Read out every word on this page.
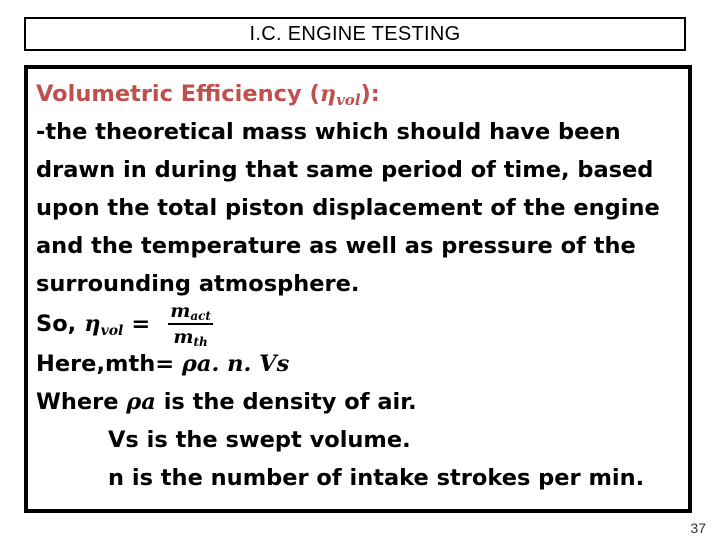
I.C. ENGINE TESTING
Volumetric Efficiency $(\eta_{vol})$:
-the theoretical mass which should have been
drawn in during that same period of time, based
upon the total piston displacement of the engine
and the temperature as well as pressure of the
surrounding atmosphere.
So, $\eta_{vol} = \frac{m_{act}}{m_{th}}$
Here,mth= ρa. n. Vs
Where ρa is the density of air.
Vs is the swept volume.
n is the number of intake strokes per min.
37
